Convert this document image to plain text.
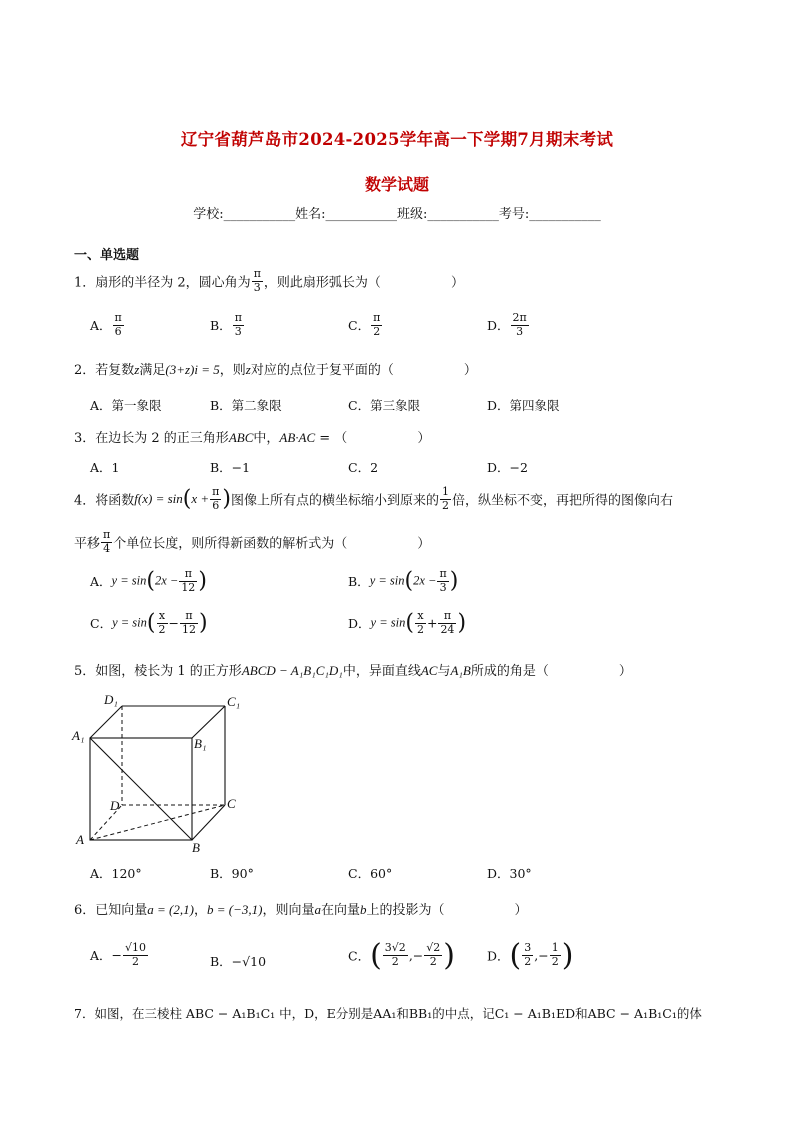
辽宁省葫芦岛市2024-2025学年高一下学期7月期末考试
数学试题
学校:___________姓名:___________班级:___________考号:___________
一、单选题
1．扇形的半径为 2，圆心角为 $\frac{\pi}{3}$ ，则此扇形弧长为（	）
A． $\frac{\pi}{6}$	B． $\frac{\pi}{3}$	C． $\frac{\pi}{2}$	D． $\frac{2\pi}{3}$
2．若复数z满足(3+z)i = 5，则z对应的点位于复平面的（	）
A．第一象限	B．第二象限	C．第三象限	D．第四象限
3．在边长为 2 的正三角形ABC中，AB·AC = （	）
A．1	B．−1	C．2	D．−2
4．将函数$f(x) = \sin(x + \frac{\pi}{6}$ )图像上所有点的横坐标缩小到原来的 $\frac{1}{2}$ 倍，纵坐标不变，再把所得的图像向右
平移 $\frac{\pi}{4}$ 个单位长度，则所得新函数的解析式为（	）
A．$y = \sin(2x - \frac{\pi}{12}$ )	B．$y = \sin(2x - \frac{\pi}{3}$ )
C．$y = \sin( \frac{x}{2} - \frac{\pi}{12}$ )	D．$y = \sin( \frac{x}{2} + \frac{\pi}{24}$ )
5．如图，棱长为 1 的正方形ABCD − A₁B₁C₁D₁中，异面直线AC与A₁B所成的角是（	）
D₁	C₁
A₁
B₁
D	C
A
B
A．120°	B．90°	C．60°	D．30°
6．已知向量a = (2,1)，b = (−3,1)，则向量a在向量b上的投影为（	）
A．− $\frac{√10}{2}$	B．−√10	C．( $\frac{3√2}{2}$ ,− $\frac{√2}{2}$ )	D．( $\frac{3}{2}$ ,− $\frac{1}{2}$ )
7．如图，在三棱柱 ABC − A₁B₁C₁ 中，D，E分别是AA₁和BB₁的中点，记C₁ − A₁B₁ED和ABC − A₁B₁C₁的体
